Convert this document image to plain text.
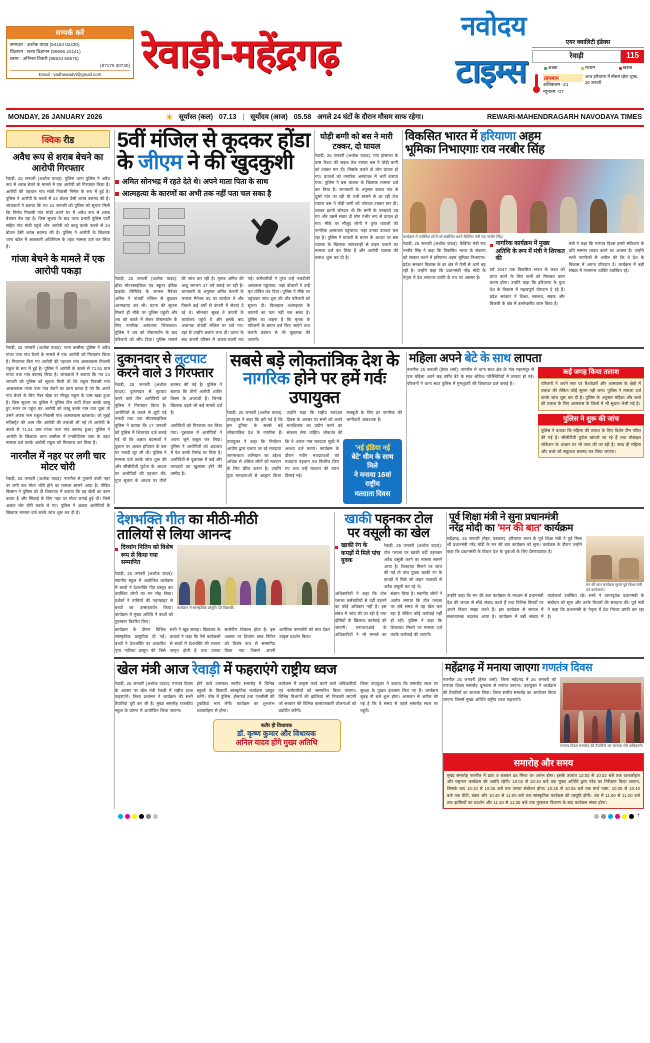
सम्पर्क करें
समाचार : अशोक यादव (94163 02430)
विज्ञापन : सत्या विज्ञापन (98996 22141)
प्रसार : अभिनव तिवारी (98534 66575)
(97179 30730)
Email : vadhwaadvt@gmail.com
नवोदय
रेवाड़ी-महेंद्रगढ़	टाइम्स
एयर क्वालिटी इंडेक्स
रेवाड़ी	115
अच्छा	मध्यम	खराब
तापमान
अधिकतम -21
न्यूनतम -07
आज हरियाणा में मौसम रहेगा शुष्क, 26 जनवरी
MONDAY, 26 JANUARY 2026	☀ सूर्यास्त (कल) 07.13 | सूर्योदय (आज) 05.58 अगले 24 घंटों के दौरान मौसम साफ रहेगा।	REWARI-MAHENDRAGARH NAVODAYA TIMES
क्विक रीड
अवैध रूप से शराब बेचने का आरोपी गिरफ्तार
रेवाड़ी, 25 जनवरी (अशोक यादव): पुलिस थाना पुलिस ने अवैध रूप से शराब बेचने के मामले में एक आरोपी को गिरफ्तार किया है। आरोपी की पहचान गांव मांडी निवासी निर्मल के रूप में हुई है। पुलिस ने आरोपी के कब्जे से 24 बोतल देसी शराब बरामद की है। जांचकर्ता ने बताया कि गत 24 जनवरी को पुलिस को सूचना मिली कि निर्मल निवासी गांव मांडी अपने घर में अवैध रूप से शराब बेचकर बेच रहा है। जिस सूचना के बाद थाना प्रभारी पुलिस पार्टी सहित गांव मांडी पहुंचे और आरोपी को काबू करके कब्जे से 24 बोतल देसी शराब बरामद की है। पुलिस ने आरोपी के खिलाफ थाना खोल में आबकारी अधिनियम के तहत मामला दर्ज कर लिया है।
गांजा बेचने के मामले में एक आरोपी पकड़ा
रेवाड़ी, 25 जनवरी (अशोक यादव): थाना कसौला पुलिस ने अवैध गांजा पत्ता गांव बेचने के मामले में एक आरोपी को गिरफ्तार किया है। गिरफ्तार किए गए आरोपी की पहचान गांव आसलवास निवासी राहुल के रूप में हुई है। पुलिस ने आरोपी के कब्जे से 71.51 ग्राम गांजा पत्ता गांव बरामद किया है। जांचकर्ता ने बताया कि गत 24 जनवरी को पुलिस को सूचना मिली थी कि राहुल निवासी गांव आसलवास गांजा पत्ता गांव बेचने का काम करता है जो कि अपने गांव बेचने के लिए गैंबर खेड़ा पर मौजूद राहुल के पास खड़ा हुआ है। जिस सूचना पर पुलिस ने पुलिस टीम पार्टी तैयार करके काबू हुए स्थान पर पहुंच कर आरोपी को काबू करके नाम पता पूछा तो उसने अपना नाम राहुल निवासी गांव आसलवास बतलाया। जो मुद्दई मजिस्ट्रेट की आम तौर आरोपी की तलाशी ली गई तो आरोपी के कब्जे से 71.51 ग्राम गांजा पत्ता गांव बरामद हुआ। पुलिस ने आरोपी के खिलाफ थाना कसौला में एनडीपीएस एक्ट के तहत मामला दर्ज करके आरोपी राहुल को गिरफ्तार कर लिया है।
नारनौल में नहर पर लगी चार मोटर चोरी
रेवाड़ी, 25 जनवरी (अशोक यादव): नारनौल से गुजरने वाली नहर पर लगी चार मोटर चोरी होने का मामला सामने आया है। पीड़ित किसान ने पुलिस को दी शिकायत में बताया कि वह खेती का काम करता है और सिंचाई के लिए नहर पर मोटर लगाई हुई थी। जिसे अज्ञात चोर चोरी करके ले गए। पुलिस ने अज्ञात आरोपियों के खिलाफ मामला दर्ज करके जांच शुरू कर दी है।
5वीं मंजिल से कूदकर होंडा
के जीएम ने की खुदकुशी
अमित सोनभद्र में रहते देते थे। अपने माता पिता के साथ
आत्महत्या के कारणों का अभी तक नहीं पता चल सका है
रेवाड़ी, 25 जनवरी (अशोक यादव): होंडा मोटरसाइकिल एंड स्कूटर इंडिया प्राइवेट लिमिटेड के जनरल मैनेजर अमित ने पांचवीं मंजिल से कूदकर आत्महत्या कर ली। घटना की सूचना मिलते ही मौके पर पुलिस पहुंची और शव को कब्जे में लेकर पोस्टमार्टम के लिए नागरिक अस्पताल भिजवाया। पुलिस ने शव को पोस्टमार्टम के बाद परिजनों को सौंप दिया। पुलिस मामले की जांच कर रही है। मृतक अमित की आयु लगभग 47 वर्ष बताई जा रही है। जानकारी के अनुसार अमित कंपनी के जनरल मैनेजर पद पर कार्यरत थे और पिछले कई वर्षों से कंपनी में सेवाएं दे रहे थे। सोमवार सुबह वे कंपनी के कार्यालय पहुंचे थे और इसके बाद अचानक पांचवीं मंजिल पर चले गए। वहां से उन्होंने छलांग लगा दी। घटना के बाद कंपनी परिसर में अफरा-तफरी मच गई। कर्मचारियों ने तुरंत उन्हें नजदीकी अस्पताल पहुंचाया, जहां डॉक्टरों ने उन्हें मृत घोषित कर दिया। पुलिस ने मौके पर पहुंचकर जांच शुरू की और परिजनों को सूचना दी। फिलहाल आत्महत्या के कारणों का पता नहीं चल सका है। पुलिस का कहना है कि मृतक के परिजनों के बयान दर्ज किए जाएंगे तथा कंपनी प्रबंधन से भी पूछताछ की जाएगी।
घोड़ी बग्गी को बस ने मारी टक्कर, दो घायल
रेवाड़ी, 25 जनवरी (अशोक यादव): गांव हांसाका के पास रिश्ता की सड़क तेज रफ्तार बस ने घोड़ी बग्गी को टक्कर मार दी। जिसके चलते दो लोग घायल हो गए। घायलों को नागरिक अस्पताल में भर्ती कराया गया। पुलिस ने बस चालक के खिलाफ मामला दर्ज कर लिया है। जानकारी के अनुसार बारात गांव से दूसरे गांव जा रही थी तभी सामने से आ रही तेज रफ्तार बस ने घोड़ी बग्गी को जोरदार टक्कर मार दी। टक्कर इतनी जोरदार थी कि बग्गी के परखच्चे उड़ गए और उसमें सवार दो लोग गंभीर रूप से घायल हो गए। मौके पर मौजूद लोगों ने तुरंत घायलों को नागरिक अस्पताल पहुंचाया। जहां उनका उपचार चल रहा है। पुलिस ने घायलों के बयान के आधार पर बस चालक के खिलाफ लापरवाही से वाहन चलाने का मामला दर्ज कर लिया है और आरोपी चालक की तलाश शुरू कर दी है।
विकसित भारत में हरियाणा अहम
भूमिका निभाएगाः राव नरबीर सिंह
कार्यक्रम में उपस्थित लोगों को संबोधित करते कैबिनेट मंत्री राव नरबीर सिंह।
रेवाड़ी, 25 जनवरी (अशोक यादव): कैबिनेट मंत्री राव नरबीर सिंह ने कहा कि विकसित भारत के संकल्प को साकार करने में हरियाणा अहम भूमिका निभाएगा। प्रदेश सरकार विकास के हर क्षेत्र में तेजी से आगे बढ़ रही है। उन्होंने कहा कि प्रधानमंत्री नरेंद्र मोदी के नेतृत्व में देश लगातार प्रगति के पथ पर अग्रसर है।
नागरिक कार्यक्रम में मुख्य अतिथि के रूप में मंत्री ने शिरकत की
वर्ष 2047 तक विकसित भारत के लक्ष्य को प्राप्त करने के लिए सभी को मिलकर काम करना होगा। उन्होंने कहा कि हरियाणा के युवा देश के विकास में महत्वपूर्ण योगदान दे रहे हैं। प्रदेश सरकार ने शिक्षा, स्वास्थ्य, सड़क और बिजली के क्षेत्र में उल्लेखनीय काम किया है।
मंत्री ने कहा कि गणतंत्र दिवस हमारे संविधान के प्रति सम्मान व्यक्त करने का अवसर है। उन्होंने सभी नागरिकों से अपील की कि वे देश के विकास में अपना योगदान दें। कार्यक्रम में बड़ी संख्या में गणमान्य व्यक्ति उपस्थित रहे।
दुकानदार से लूटपाट
करने वाले 3 गिरफ्तार
रेवाड़ी, 25 जनवरी (अशोक यादव): दुकानदार से लूटपाट करने वाले तीन आरोपियों को पुलिस ने गिरफ्तार किया है। आरोपियों के कब्जे से लूटी गई नकदी तथा एक मोटरसाइकिल बरामद की गई है। पुलिस ने बताया कि तीनों आरोपी शातिर किस्म के अपराधी हैं। जिनके खिलाफ पहले भी कई मामले दर्ज हैं।
पुलिस ने बताया कि 17 जनवरी को पुलिस में शिकायत दर्ज कराई गई थी कि अज्ञात बदमाशों ने दुकान पर आकर हथियार के बल पर नकदी लूट ली थी। पुलिस ने मामला दर्ज करके जांच शुरू की और सीसीटीवी फुटेज के आधार पर आरोपियों की पहचान की। गुप्त सूचना के आधार पर तीनों आरोपियों को गिरफ्तार कर लिया गया। पूछताछ में आरोपियों ने अपना जुर्म कबूल कर लिया। पुलिस ने आरोपियों को अदालत में पेश करके रिमांड पर लिया है। आरोपियों से पूछताछ में कई और वारदातों का खुलासा होने की उम्मीद है।
सबसे बड़े लोकतांत्रिक देश के
नागरिक होने पर हमें गर्वः उपायुक्त
रेवाड़ी, 25 जनवरी (अशोक यादव): उपायुक्त ने कहा कि हमें गर्व है कि हम दुनिया के सबसे बड़े लोकतांत्रिक देश के नागरिक हैं। उन्होंने कहा कि राष्ट्रीय मतदाता दिवस के अवसर पर सभी को अपने मताधिकार का प्रयोग करने का संकल्प लेना चाहिए। लोकतंत्र की मजबूती के लिए हर नागरिक की भागीदारी आवश्यक है।
उपायुक्त ने कहा कि निर्वाचन आयोग द्वारा चलाए जा रहे मतदाता जागरूकता अभियान का उद्देश्य अधिक से अधिक लोगों को मतदान के लिए प्रेरित करना है। उन्होंने युवा मतदाताओं से आह्वान किया कि वे अपना नाम मतदाता सूची में अवश्य दर्ज कराएं। कार्यक्रम के दौरान नवीन मतदाताओं को मतदाता पहचान पत्र वितरित किए गए तथा उन्हें मतदान की शपथ दिलाई गई।
'नई इंडिया नई
बेटे' थीम के साथ मिले
ने मनाया 16वां राष्ट्रीय
मतदाता दिवस
महिला अपने बेटे के साथ लापता
नारनौल 25 जनवरी (हेमंत शर्मा): नारनौल में थाना सदर क्षेत्र के गांव महरमपुर से एक महिला अपने छह वर्षीय बेटे के साथ संदिग्ध परिस्थितियों में लापता हो गई। परिजनों ने थाना सदर पुलिस में गुमशुदगी की शिकायत दर्ज कराई है।
कई जगह किया तलाश
परिजनों ने अपने स्तर पर रिश्तेदारों और आसपास के क्षेत्रों में तलाश की लेकिन कोई सुराग नहीं लगा। पुलिस ने मामला दर्ज करके जांच शुरू कर दी है। पुलिस के अनुसार महिला और बच्चे की तलाश के लिए आसपास के जिलों में भी सूचना भेजी गई है।
पुलिस ने शुरू की जांच
पुलिस ने बताया कि महिला की तलाश के लिए विशेष टीम गठित की गई है। सीसीटीवी फुटेज खंगाले जा रहे हैं तथा मोबाइल लोकेशन के आधार पर भी जांच की जा रही है। जल्द ही महिला और बच्चे को सकुशल बरामद कर लिया जाएगा।
देशभक्ति गीत का मीठी-मीठी
तालियों से लिया आनन्द
दिव्यांग नितिन को विशेष रूप से किया गया सम्मानित
रेवाड़ी, 25 जनवरी (अशोक यादव): स्थानीय स्कूल में आयोजित कार्यक्रम में बच्चों ने देशभक्ति गीत प्रस्तुत कर उपस्थित लोगों का मन मोह लिया। दर्शकों ने तालियों की गड़गड़ाहट से बच्चों का उत्साहवर्धन किया। कार्यक्रम में मुख्य अतिथि ने बच्चों को पुरस्कार वितरित किए।
कार्यक्रम में सांस्कृतिक प्रस्तुति देते विद्यार्थी।
कार्यक्रम के दौरान विभिन्न सांस्कृतिक प्रस्तुतियां दी गईं। बच्चों ने देशभक्ति पर आधारित नृत्य नाटिका प्रस्तुत की जिसे सभी ने खूब सराहा। विद्यालय के प्राचार्य ने कहा कि ऐसे कार्यक्रमों से बच्चों में देशभक्ति की भावना जागृत होती है तथा उनका सर्वांगीण विकास होता है। इस अवसर पर दिव्यांग छात्र नितिन को विशेष रूप से सम्मानित किया गया जिसने अपनी शारीरिक कमजोरी को मात देकर उत्कृष्ट प्रदर्शन किया।
खाकी पहनकर टोल
पर वसूली का खेल
खाकी रंग के कपड़ों में मिले पांच युवक
रेवाड़ी, 25 जनवरी (अशोक यादव): टोल प्लाजा पर खाकी वर्दी पहनकर अवैध वसूली करने का मामला सामने आया है। शिकायत मिलने पर जांच की गई तो पांच युवक खाकी रंग के कपड़ों में मिले जो वाहन चालकों से अवैध वसूली कर रहे थे।
अधिकारियों ने कहा कि टोल प्लाजा कर्मचारियों से वर्दी पहनने का कोई अधिकार नहीं है। इस संबंध में जांच की जा रही है तथा दोषियों के खिलाफ कार्रवाई की जाएगी। एनएचएआई के अधिकारियों ने भी मामले का संज्ञान लिया है। स्थानीय लोगों ने आरोप लगाया कि टोल प्लाजा पर लंबे समय से यह खेल चल रहा है लेकिन कोई कार्रवाई नहीं हो रही। पुलिस ने कहा कि शिकायत मिलने पर मामला दर्ज करके कार्रवाई की जाएगी।
पूर्व शिक्षा मंत्री ने सुना प्रधानमंत्री
नरेंद्र मोदी का 'मन की बात' कार्यक्रम
महेंद्रगढ़, 25 जनवरी (मेहर, पत्रकार): हरियाणा भवन के पूर्व शिक्षा मंत्री ने पूर्व मिला श्री प्रधानमंत्री नरेंद्र मोदी के मन की बात कार्यक्रम को सुना। कार्यक्रम के दौरान उन्होंने कहा कि प्रधानमंत्री के विचार देश के युवाओं के लिए प्रेरणादायक हैं।
मन की बात कार्यक्रम सुनते पूर्व शिक्षा मंत्री एवं कार्यकर्ता।
उन्होंने कहा कि मन की बात कार्यक्रम के माध्यम से प्रधानमंत्री देश की जनता से सीधे संवाद करते हैं तथा विभिन्न विषयों पर अपने विचार साझा करते हैं। इस कार्यक्रम से समाज में सकारात्मक बदलाव आया है। कार्यक्रम में बड़ी संख्या में कार्यकर्ता उपस्थित रहे। सभी ने ध्यानपूर्वक प्रधानमंत्री के संबोधन को सुना और उनके विचारों की सराहना की। पूर्व मंत्री ने कहा कि प्रधानमंत्री के नेतृत्व में देश निरंतर प्रगति कर रहा है।
खेल मंत्री आज रेवाड़ी में फहराएंगे राष्ट्रीय ध्वज
रेवाड़ी, 25 जनवरी (अशोक यादव): गणतंत्र दिवस के अवसर पर खेल मंत्री रेवाड़ी में राष्ट्रीय ध्वज फहराएंगे। जिला प्रशासन ने कार्यक्रम की सभी तैयारियां पूरी कर ली हैं। मुख्य समारोह राजकीय स्कूल के प्रांगण में आयोजित किया जाएगा।
होने वाले उपमंडल स्तरीय समारोह में विभिन्न स्कूलों के विद्यार्थी सांस्कृतिक कार्यक्रम प्रस्तुत करेंगे। परेड में पुलिस, होमगार्ड तथा एनसीसी की टुकड़ियां भाग लेंगी। कार्यक्रम का शुभारंभ ध्वजारोहण से होगा।
कार्यक्रम में उत्कृष्ट कार्य करने वाले अधिकारियों एवं कर्मचारियों को सम्मानित किया जाएगा। विभिन्न विभागों की झांकियां भी निकाली जाएंगी जो सरकार की विभिन्न कल्याणकारी योजनाओं को प्रदर्शित करेंगी।
जिला उपायुक्त ने बताया कि समारोह स्थल पर सुरक्षा के पुख्ता इंतजाम किए गए हैं। कार्यक्रम सुबह नौ बजे शुरू होगा। आमजन से अपील की गई है कि वे समय से पहले समारोह स्थल पर पहुंचें।
बतौर ही विधायक
डॉ. कृष्ण कुमार और विधायक
अनिल यादव होंगे मुख्य अतिथि
महेंद्रगढ़ में मनाया जाएगा गणतंत्र दिवस
नारनौल 25 जनवरी (हेमंत शर्मा): जिला महेंद्रगढ़ में 26 जनवरी को गणतंत्र दिवस समारोह धूमधाम से मनाया जाएगा। उपायुक्त ने कार्यक्रम की तैयारियों का जायजा लिया। जिला स्तरीय समारोह का आयोजन किया जाएगा जिसमें मुख्य अतिथि राष्ट्रीय ध्वज फहराएंगे।
गणतंत्र दिवस समारोह की तैयारियों का जायजा लेते अधिकारी।
समारोह और समय
मुख्य समारोह नारनौल में प्रातः 9 बजकर 58 मिनट पर आरंभ होगा। इसके उपरांत 10:00 से 10:02 बजे तक ध्वजारोहण और राष्ट्रगान कार्यक्रम की अवधि रहेगी। 10:02 से 10:10 बजे तक मुख्य अतिथि द्वारा परेड का निरीक्षण किया जाएगा, जिसके बाद 10:10 से 10:25 बजे तक उनका संबोधन होगा। 10:25 से 10:35 बजे तक मार्च पास्ट, 10:35 से 10:40 बजे तक पीटी, डंबल और 10:40 से 11:00 बजे तक सांस्कृतिक कार्यक्रम की प्रस्तुति होगी। अंत में 11:00 से 11:20 बजे तक झांकियों का प्रदर्शन और 11:20 से 11:30 बजे तक पुरस्कार वितरण के बाद कार्यक्रम संपन्न होगा।
+
